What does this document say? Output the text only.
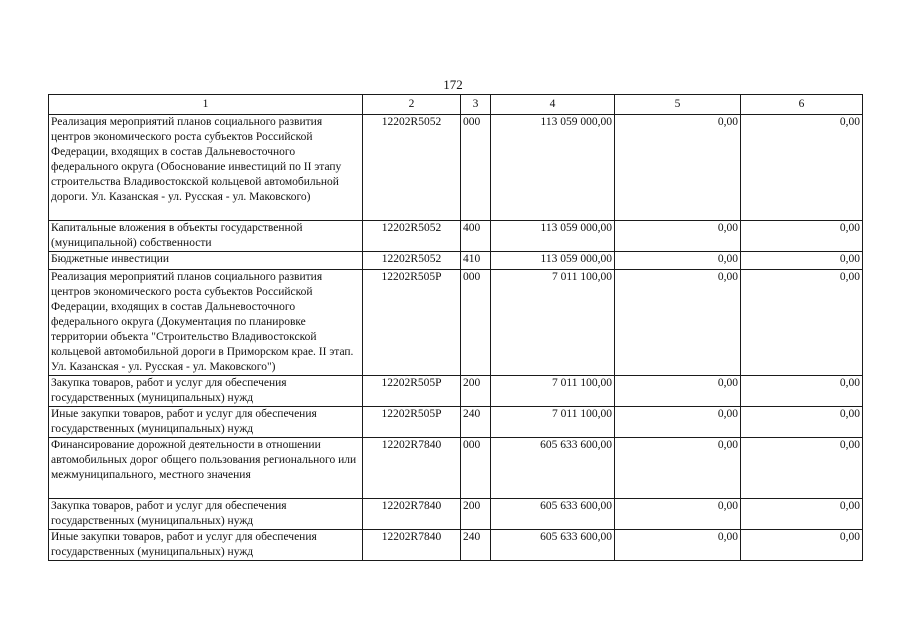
172
1	2	3	4	5	6
Реализация мероприятий планов социального развития центров экономического роста субъектов Российской Федерации, входящих в состав Дальневосточного федерального округа (Обоснование инвестиций по II этапу строительства Владивостокской кольцевой автомобильной дороги. Ул. Казанская - ул. Русская - ул. Маковского)	12202R5052	000	113 059 000,00	0,00	0,00
Капитальные вложения в объекты государственной (муниципальной) собственности	12202R5052	400	113 059 000,00	0,00	0,00
Бюджетные инвестиции	12202R5052	410	113 059 000,00	0,00	0,00
Реализация мероприятий планов социального развития центров экономического роста субъектов Российской Федерации, входящих в состав Дальневосточного федерального округа (Документация по планировке территории объекта "Строительство Владивостокской кольцевой автомобильной дороги в Приморском крае. II этап. Ул. Казанская - ул. Русская - ул. Маковского")	12202R505P	000	7 011 100,00	0,00	0,00
Закупка товаров, работ и услуг для обеспечения государственных (муниципальных) нужд	12202R505P	200	7 011 100,00	0,00	0,00
Иные закупки товаров, работ и услуг для обеспечения государственных (муниципальных) нужд	12202R505P	240	7 011 100,00	0,00	0,00
Финансирование дорожной деятельности в отношении автомобильных дорог общего пользования регионального или межмуниципального, местного значения	12202R7840	000	605 633 600,00	0,00	0,00
Закупка товаров, работ и услуг для обеспечения государственных (муниципальных) нужд	12202R7840	200	605 633 600,00	0,00	0,00
Иные закупки товаров, работ и услуг для обеспечения государственных (муниципальных) нужд	12202R7840	240	605 633 600,00	0,00	0,00
